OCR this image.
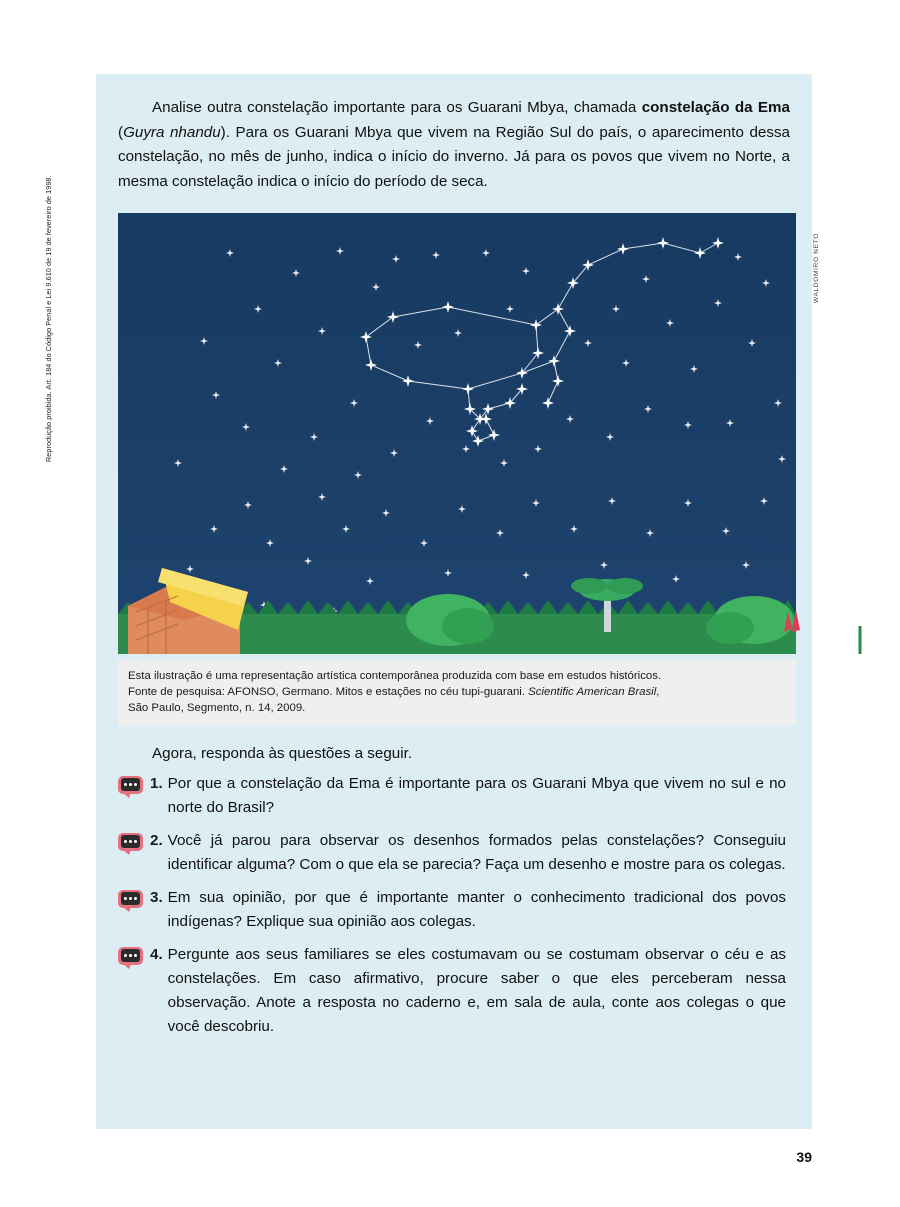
Reprodução proibida. Art. 184 do Código Penal e Lei 9.610 de 19 de fevereiro de 1998.

Analise outra constelação importante para os Guarani Mbya, chamada constelação da Ema (Guyra nhandu). Para os Guarani Mbya que vivem na Região Sul do país, o aparecimento dessa constelação, no mês de junho, indica o início do inverno. Já para os povos que vivem no Norte, a mesma constelação indica o início do período de seca.

WALDOMIRO NETO
Esta ilustração é uma representação artística contemporânea produzida com base em estudos históricos.
Fonte de pesquisa: AFONSO, Germano. Mitos e estações no céu tupi-guarani. Scientific American Brasil,
São Paulo, Segmento, n. 14, 2009.
Agora, responda às questões a seguir.
1. Por que a constelação da Ema é importante para os Guarani Mbya que vivem no sul e no norte do Brasil?
2. Você já parou para observar os desenhos formados pelas constelações? Conseguiu identificar alguma? Com o que ela se parecia? Faça um desenho e mostre para os colegas.
3. Em sua opinião, por que é importante manter o conhecimento tradicional dos povos indígenas? Explique sua opinião aos colegas.
4. Pergunte aos seus familiares se eles costumavam ou se costumam observar o céu e as constelações. Em caso afirmativo, procure saber o que eles perceberam nessa observação. Anote a resposta no caderno e, em sala de aula, conte aos colegas o que você descobriu.
39
